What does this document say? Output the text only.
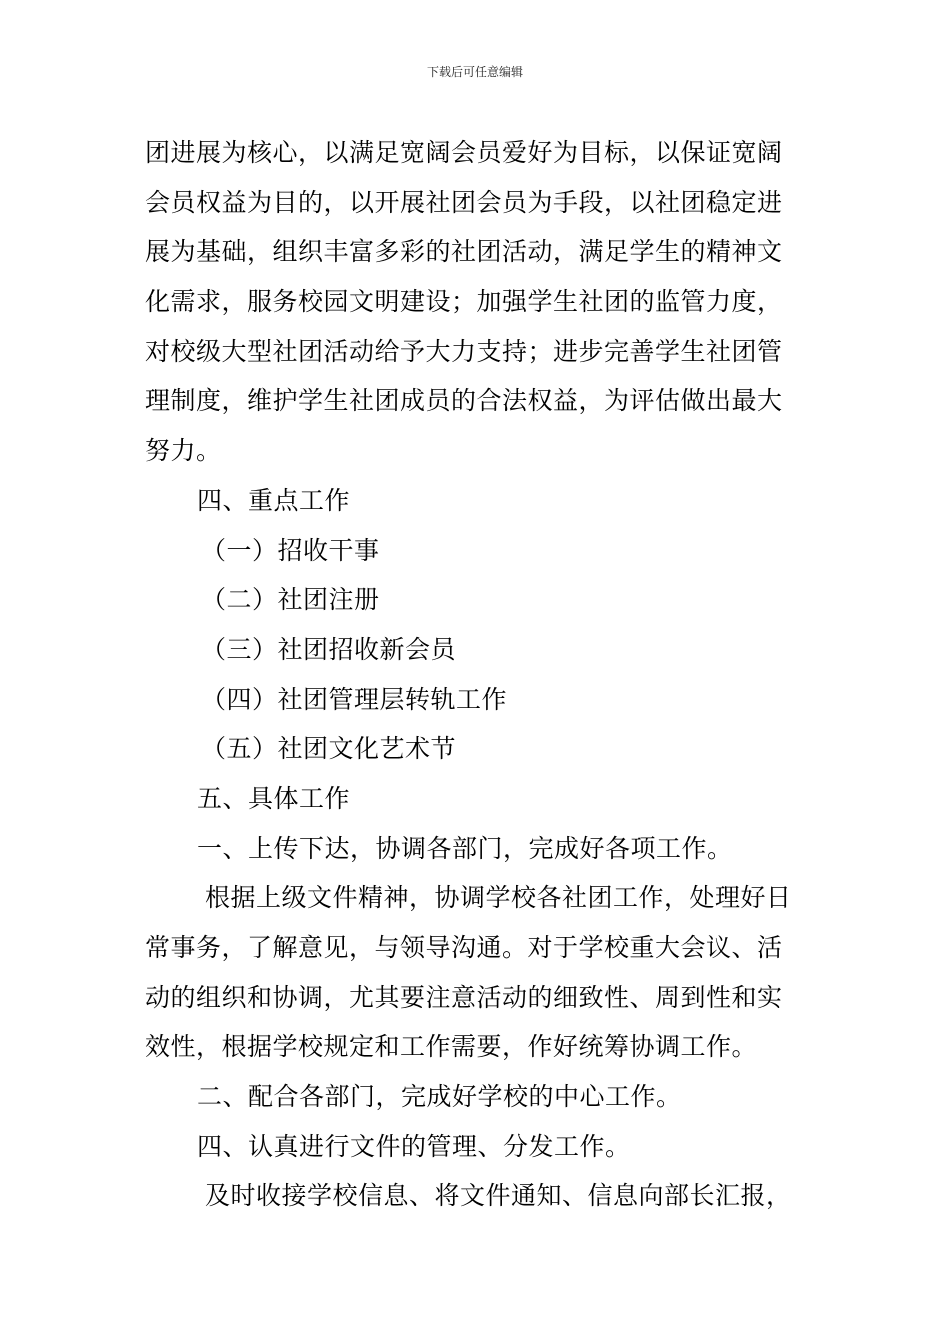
下载后可任意编辑
团进展为核心，以满足宽阔会员爱好为目标，以保证宽阔
会员权益为目的，以开展社团会员为手段，以社团稳定进
展为基础，组织丰富多彩的社团活动，满足学生的精神文
化需求，服务校园文明建设；加强学生社团的监管力度，
对校级大型社团活动给予大力支持；进步完善学生社团管
理制度，维护学生社团成员的合法权益，为评估做出最大
努力。
四、重点工作
（一）招收干事
（二）社团注册
（三）社团招收新会员
（四）社团管理层转轨工作
（五）社团文化艺术节
五、具体工作
一、上传下达，协调各部门，完成好各项工作。
根据上级文件精神，协调学校各社团工作，处理好日
常事务，了解意见，与领导沟通。对于学校重大会议、活
动的组织和协调，尤其要注意活动的细致性、周到性和实
效性，根据学校规定和工作需要，作好统筹协调工作。
二、配合各部门，完成好学校的中心工作。
四、认真进行文件的管理、分发工作。
及时收接学校信息、将文件通知、信息向部长汇报，
